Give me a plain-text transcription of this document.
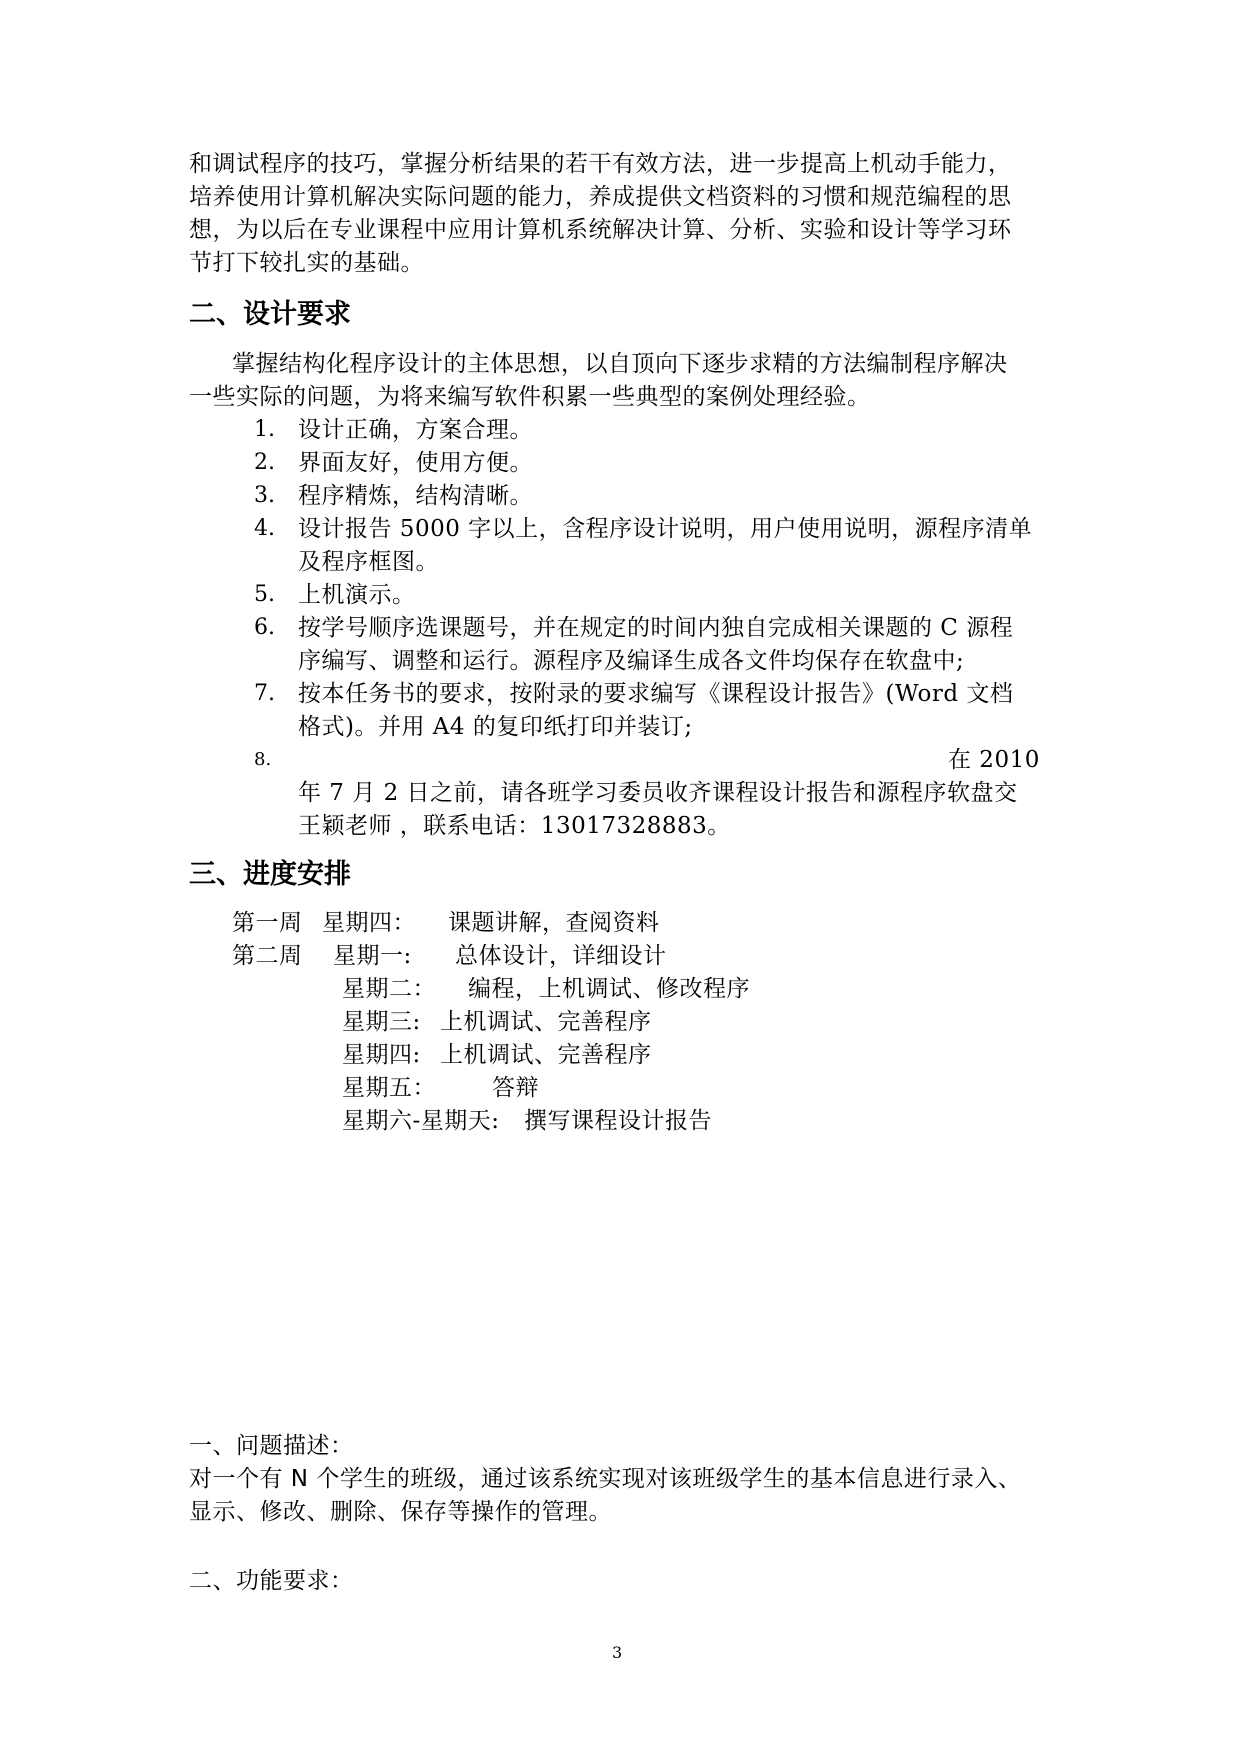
和调试程序的技巧，掌握分析结果的若干有效方法，进一步提高上机动手能力，
培养使用计算机解决实际问题的能力，养成提供文档资料的习惯和规范编程的思
想，为以后在专业课程中应用计算机系统解决计算、分析、实验和设计等学习环
节打下较扎实的基础。
二、设计要求
掌握结构化程序设计的主体思想，以自顶向下逐步求精的方法编制程序解决
一些实际的问题，为将来编写软件积累一些典型的案例处理经验。
1. 设计正确，方案合理。
2. 界面友好，使用方便。
3. 程序精炼，结构清晰。
4. 设计报告 5000 字以上，含程序设计说明，用户使用说明，源程序清单
及程序框图。
5. 上机演示。
6. 按学号顺序选课题号，并在规定的时间内独自完成相关课题的 C 源程
序编写、调整和运行。源程序及编译生成各文件均保存在软盘中;
7. 按本任务书的要求，按附录的要求编写《课程设计报告》(Word 文档
格式)。并用 A4 的复印纸打印并装订;
8.	在 2010
年 7 月 2 日之前，请各班学习委员收齐课程设计报告和源程序软盘交
王颖老师 ，联系电话：13017328883。
三、进度安排
第一周 星期四： 课题讲解，查阅资料
第二周 星期一: 总体设计，详细设计
星期二： 编程，上机调试、修改程序
星期三: 上机调试、完善程序
星期四: 上机调试、完善程序
星期五： 答辩
星期六-星期天: 撰写课程设计报告
一、问题描述：
对一个有 N 个学生的班级，通过该系统实现对该班级学生的基本信息进行录入、
显示、修改、删除、保存等操作的管理。
二、功能要求：
3
